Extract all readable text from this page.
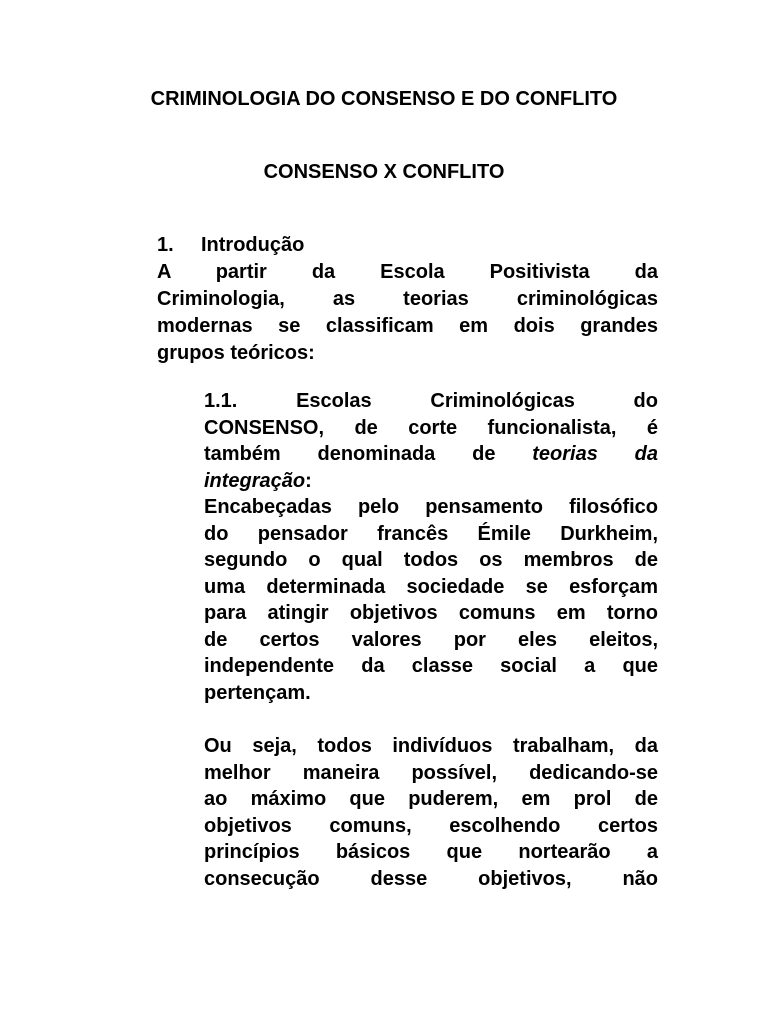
CRIMINOLOGIA DO CONSENSO E DO CONFLITO
CONSENSO X CONFLITO
1.	Introdução
A partir da Escola Positivista da
Criminologia, as teorias criminológicas
modernas se classificam em dois grandes
grupos teóricos:
1.1. Escolas Criminológicas do
CONSENSO, de corte funcionalista, é
também denominada de teorias da
integração:
Encabeçadas pelo pensamento filosófico
do pensador francês Émile Durkheim,
segundo o qual todos os membros de
uma determinada sociedade se esforçam
para atingir objetivos comuns em torno
de certos valores por eles eleitos,
independente da classe social a que
pertençam.
Ou seja, todos indivíduos trabalham, da
melhor maneira possível, dedicando-se
ao máximo que puderem, em prol de
objetivos comuns, escolhendo certos
princípios básicos que nortearão a
consecução desse objetivos, não
